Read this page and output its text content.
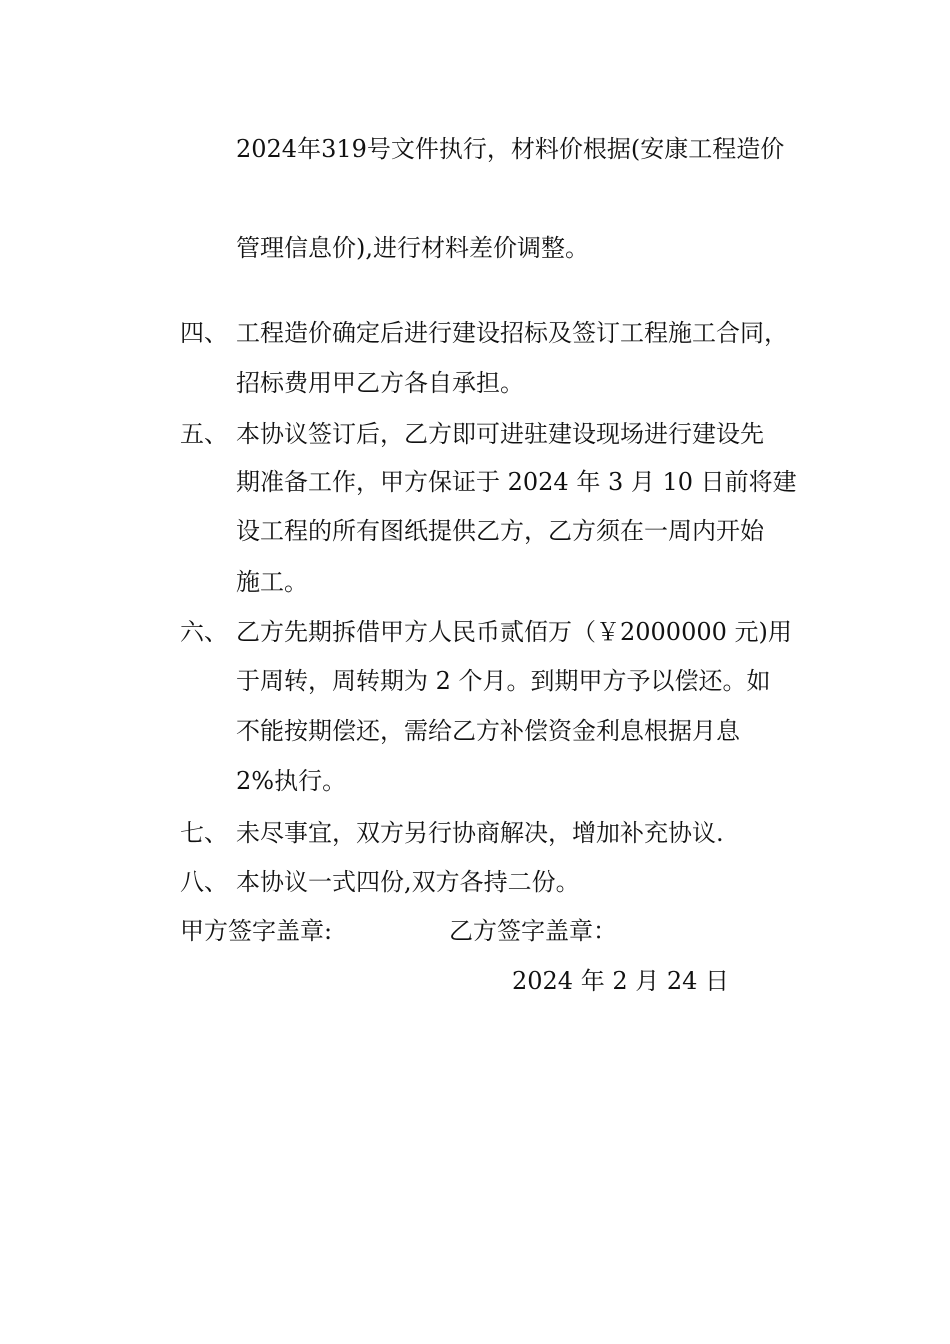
2024年319号文件执行，材料价根据(安康工程造价
管理信息价),进行材料差价调整。
四、 工程造价确定后进行建设招标及签订工程施工合同，
招标费用甲乙方各自承担。
五、 本协议签订后，乙方即可进驻建设现场进行建设先
期准备工作，甲方保证于 2024 年 3 月 10 日前将建
设工程的所有图纸提供乙方，乙方须在一周内开始
施工。
六、 乙方先期拆借甲方人民币贰佰万（￥2000000 元)用
于周转，周转期为 2 个月。到期甲方予以偿还。如
不能按期偿还，需给乙方补偿资金利息根据月息
2%执行。
七、 未尽事宜，双方另行协商解决，增加补充协议.
八、 本协议一式四份,双方各持二份。
甲方签字盖章:	乙方签字盖章：
2024 年 2 月 24 日
